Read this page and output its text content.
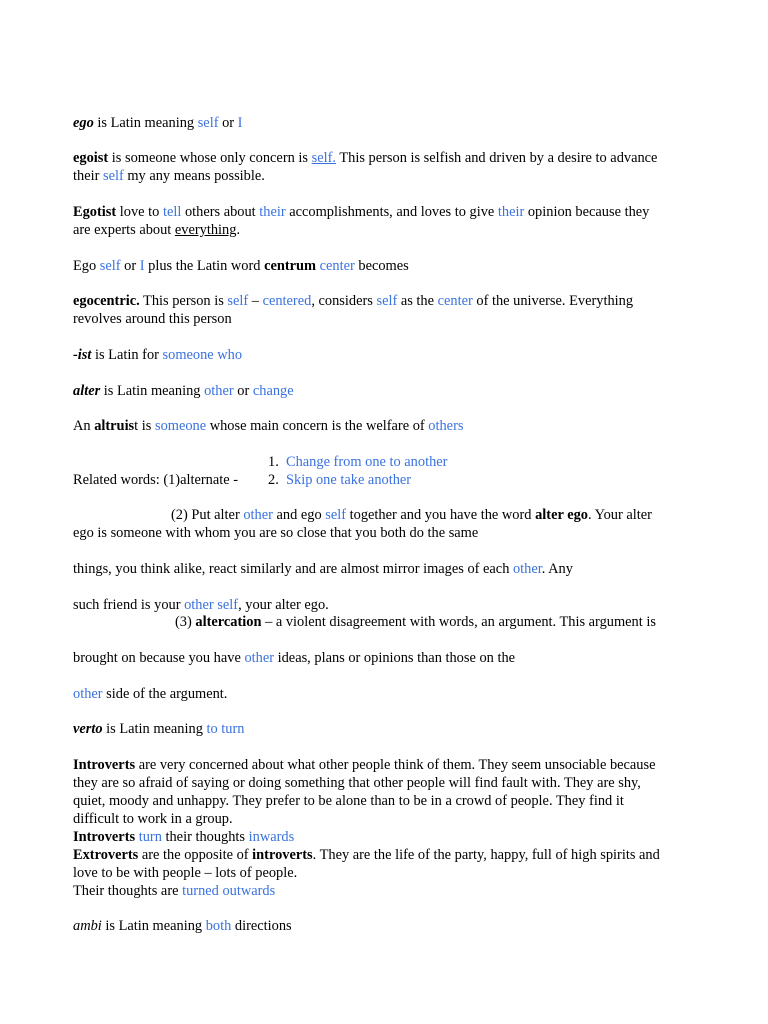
ego is Latin meaning self or I
egoist is someone whose only concern is self. This person is selfish and driven by a desire to advance
their self my any means possible.
Egotist love to tell others about their accomplishments, and loves to give their opinion because they
are experts about everything.
Ego self or I plus the Latin word centrum center becomes
egocentric. This person is self – centered, considers self as the center of the universe. Everything
revolves around this person
-ist is Latin for someone who
alter is Latin meaning other or change
An altruist is someone whose main concern is the welfare of others
1. Change from one to another
Related words: (1)alternate - 2. Skip one take another
(2) Put alter other and ego self together and you have the word alter ego. Your alter
ego is someone with whom you are so close that you both do the same
things, you think alike, react similarly and are almost mirror images of each other. Any
such friend is your other self, your alter ego.
(3) altercation – a violent disagreement with words, an argument. This argument is
brought on because you have other ideas, plans or opinions than those on the
other side of the argument.
verto is Latin meaning to turn
Introverts are very concerned about what other people think of them. They seem unsociable because
they are so afraid of saying or doing something that other people will find fault with. They are shy,
quiet, moody and unhappy. They prefer to be alone than to be in a crowd of people. They find it
difficult to work in a group.
Introverts turn their thoughts inwards
Extroverts are the opposite of introverts. They are the life of the party, happy, full of high spirits and
love to be with people – lots of people.
Their thoughts are turned outwards
ambi is Latin meaning both directions
